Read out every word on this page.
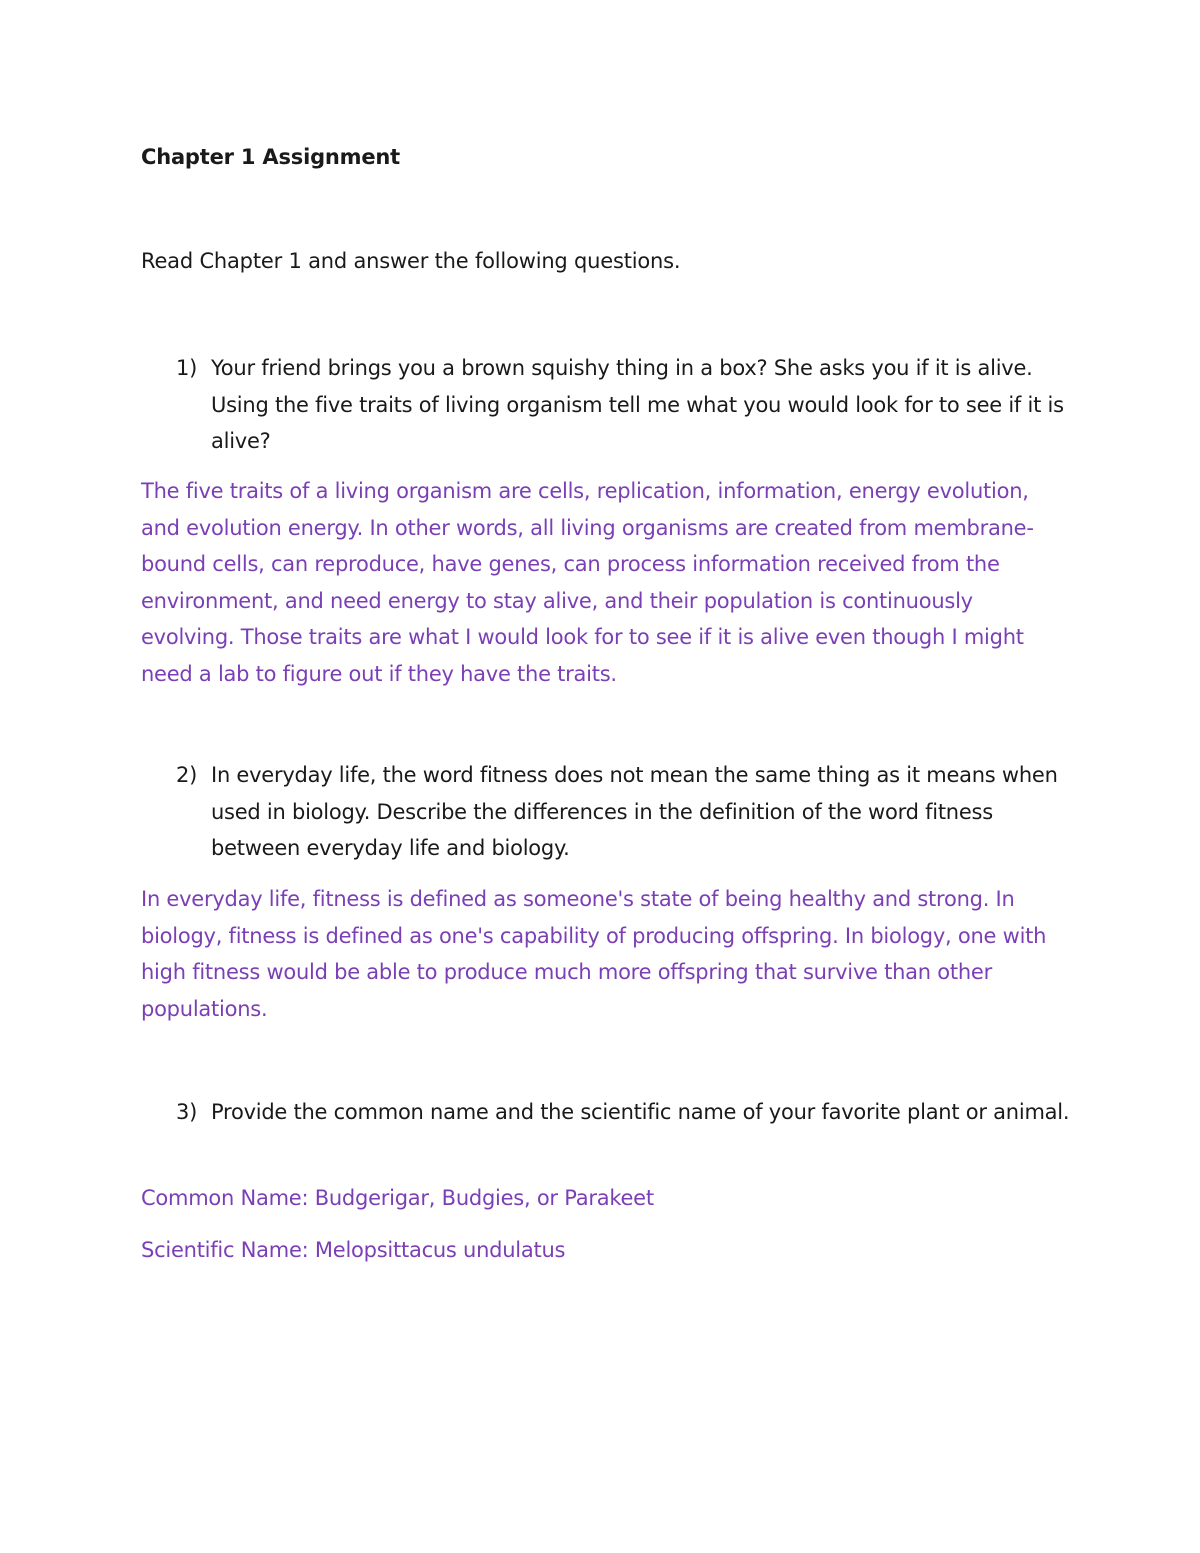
Chapter 1 Assignment
Read Chapter 1 and answer the following questions.
1) Your friend brings you a brown squishy thing in a box? She asks you if it is alive. Using the five traits of living organism tell me what you would look for to see if it is alive?
The five traits of a living organism are cells, replication, information, energy evolution, and evolution energy. In other words, all living organisms are created from membrane-bound cells, can reproduce, have genes, can process information received from the environment, and need energy to stay alive, and their population is continuously evolving. Those traits are what I would look for to see if it is alive even though I might need a lab to figure out if they have the traits.
2) In everyday life, the word fitness does not mean the same thing as it means when used in biology. Describe the differences in the definition of the word fitness between everyday life and biology.
In everyday life, fitness is defined as someone's state of being healthy and strong. In biology, fitness is defined as one's capability of producing offspring. In biology, one with high fitness would be able to produce much more offspring that survive than other populations.
3) Provide the common name and the scientific name of your favorite plant or animal.
Common Name: Budgerigar, Budgies, or Parakeet
Scientific Name: Melopsittacus undulatus
